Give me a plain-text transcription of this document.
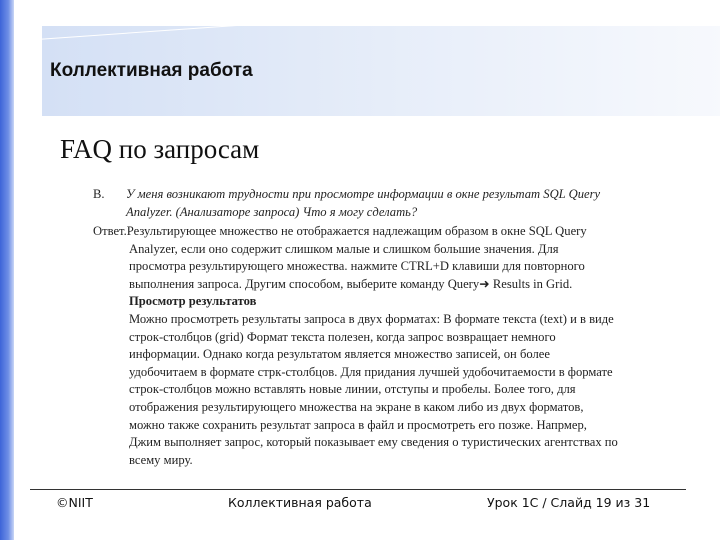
Коллективная работа
FAQ по запросам
В. У меня возникают трудности при просмотре информации в окне результат SQL Query
Analyzer. (Анализаторе запроса) Что я могу сделать?
Ответ.Результирующее множество не отображается надлежащим образом в окне SQL Query
Analyzer, если оно содержит слишком малые и слишком большие значения. Для
просмотра результирующего множества. нажмите CTRL+D клавиши для повторного
выполнения запроса. Другим способом, выберите команду Query➜ Results in Grid.
Просмотр результатов
Можно просмотреть результаты запроса в двух форматах: В формате текста (text) и в виде
строк-столбцов (grid) Формат текста полезен, когда запрос возвращает немного
информации. Однако когда результатом является множество записей, он более
удобочитаем в формате стрк-столбцов. Для придания лучшей удобочитаемости в формате
строк-столбцов можно вставлять новые линии, отступы и пробелы. Более того, для
отображения результирующего множества на экране в каком либо из двух форматов,
можно также сохранить результат запроса в файл и просмотреть его позже. Напрмер,
Джим выполняет запрос, который показывает ему сведения о туристических агентствах по
всему миру.
©NIIT	Коллективная работа	Урок 1C / Слайд 19 из 31
